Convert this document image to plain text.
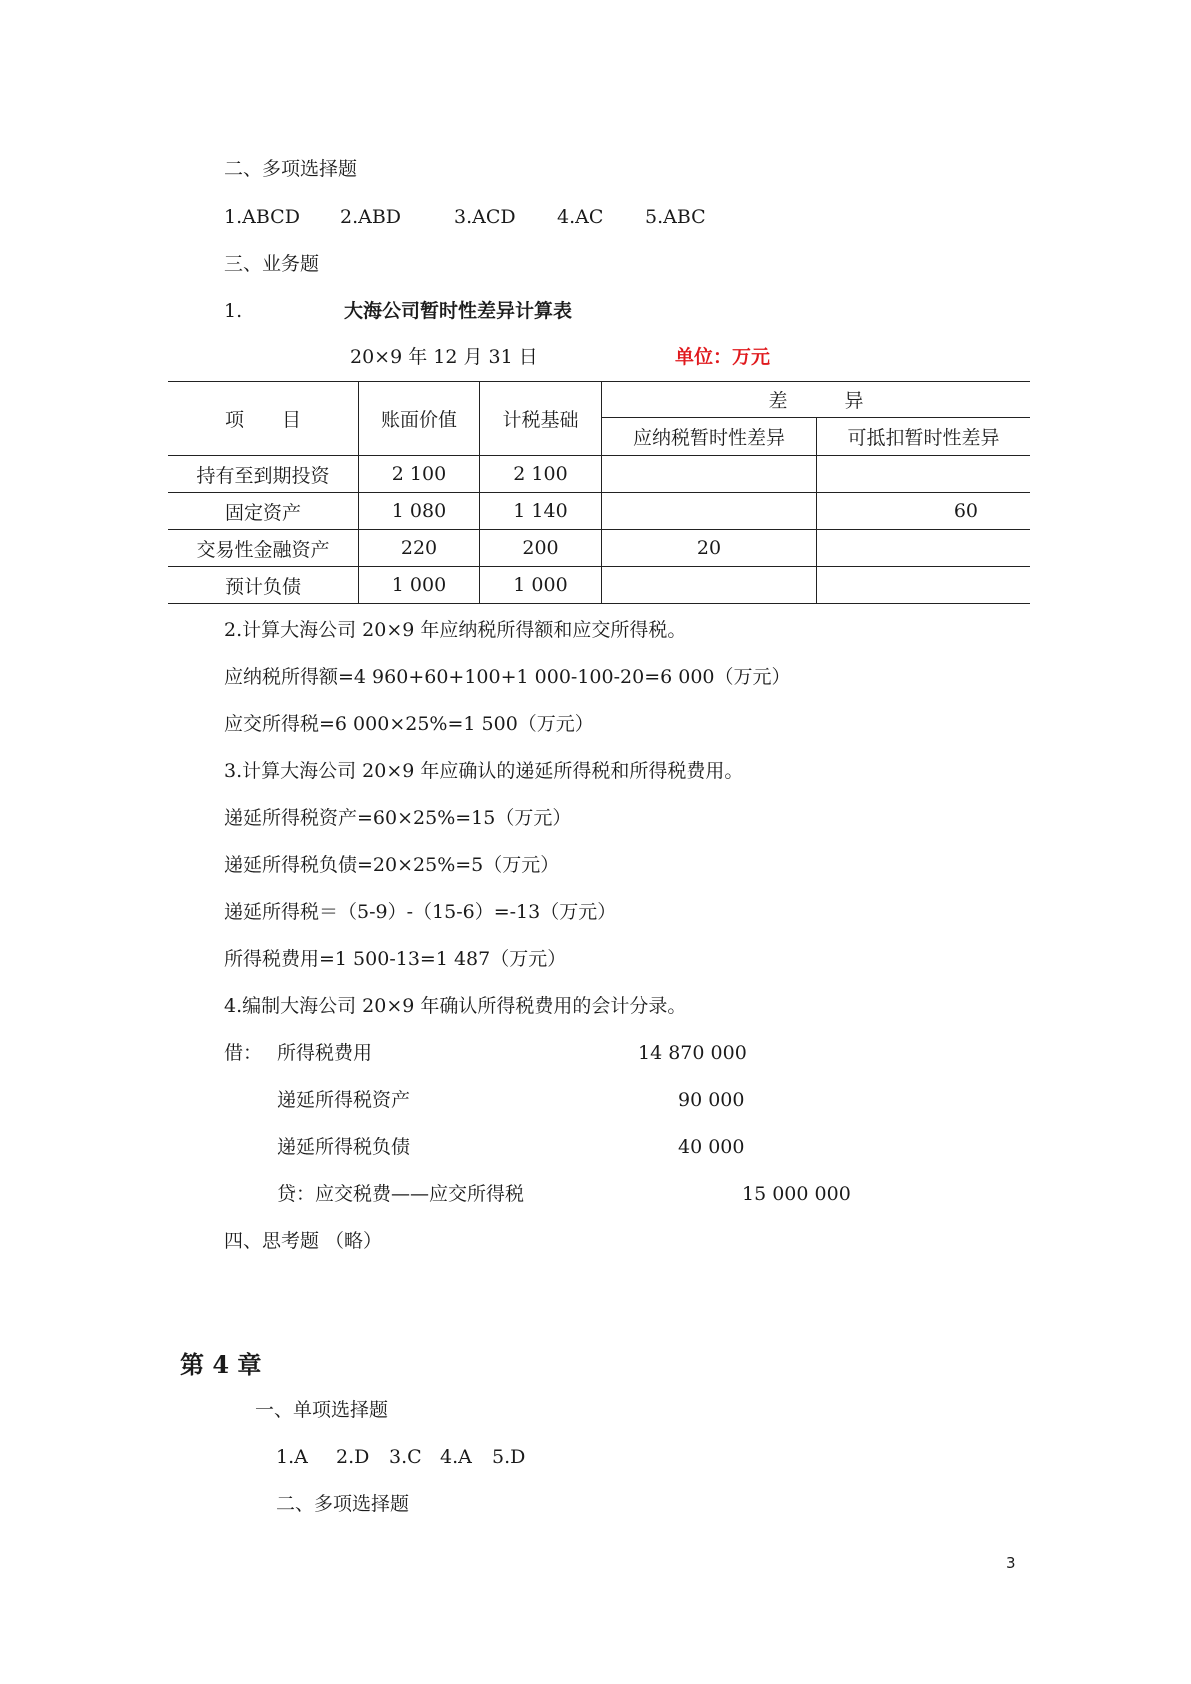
二、多项选择题
1.ABCD 2.ABD	3.ACD 4.AC 5.ABC
三、业务题
1.	大海公司暂时性差异计算表
20×9 年 12 月 31 日	单位：万元
项　　目	账面价值	计税基础	差　　　异	
			应纳税暂时性差异	可抵扣暂时性差异
持有至到期投资	2 100	2 100		
固定资产	1 080	1 140		60
交易性金融资产	220	200	20	
预计负债	1 000	1 000		
2.计算大海公司 20×9 年应纳税所得额和应交所得税。
应纳税所得额=4 960+60+100+1 000-100-20=6 000（万元）
应交所得税=6 000×25%=1 500（万元）
3.计算大海公司 20×9 年应确认的递延所得税和所得税费用。
递延所得税资产=60×25%=15（万元）
递延所得税负债=20×25%=5（万元）
递延所得税＝（5-9）-（15-6）=-13（万元）
所得税费用=1 500-13=1 487（万元）
4.编制大海公司 20×9 年确认所得税费用的会计分录。
借： 所得税费用	14 870 000
递延所得税资产	90 000
递延所得税负债	40 000
贷：应交税费——应交所得税	15 000 000
四、思考题 （略）
第 4 章
一、单项选择题
1.A 2.D 3.C 4.A 5.D
二、多项选择题
3
